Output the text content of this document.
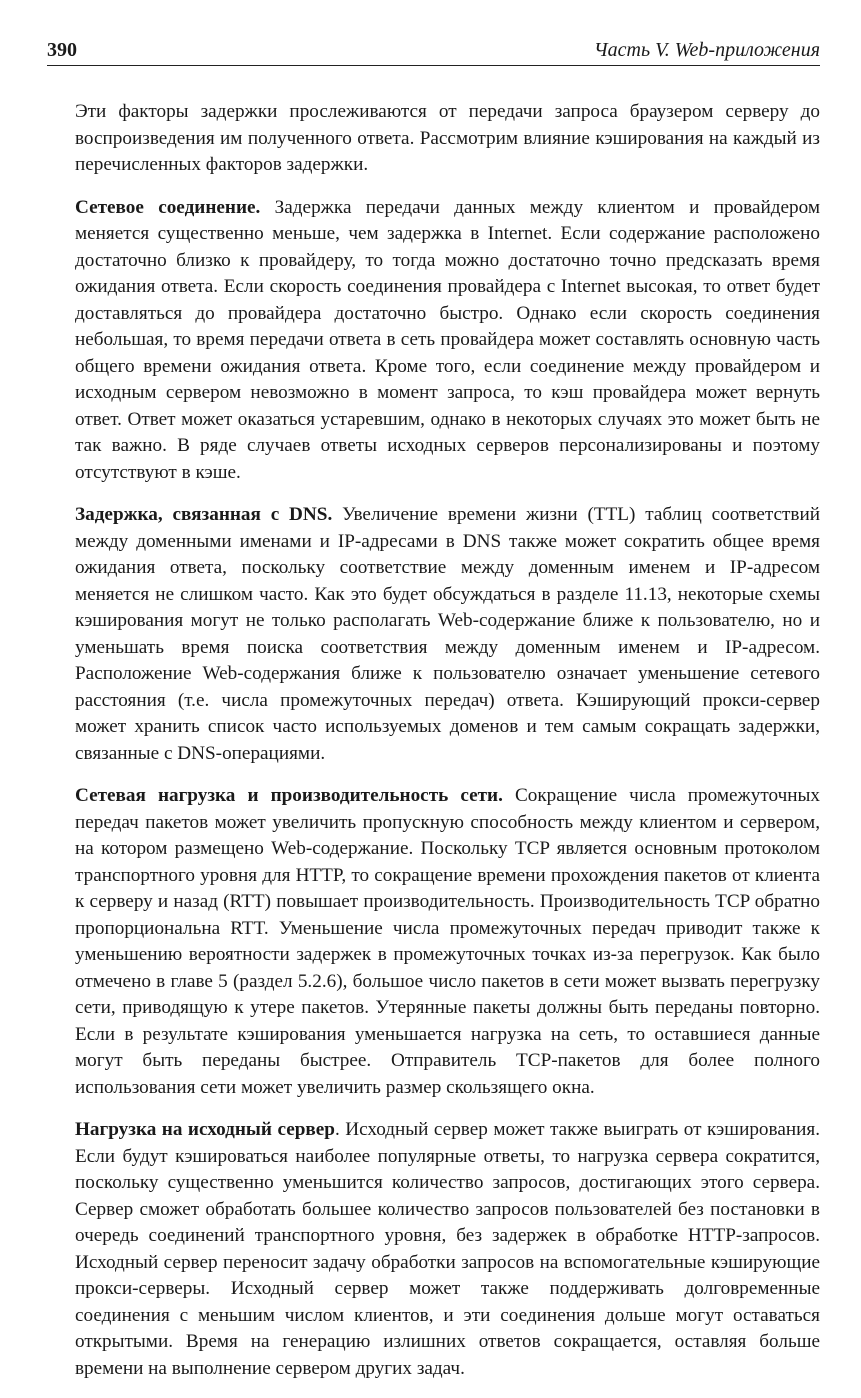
390	Часть V. Web-приложения

Эти факторы задержки прослеживаются от передачи запроса браузером серверу до воспроизведения им полученного ответа. Рассмотрим влияние кэширования на каждый из перечисленных факторов задержки.

Сетевое соединение. Задержка передачи данных между клиентом и провайдером меняется существенно меньше, чем задержка в Internet. Если содержание расположено достаточно близко к провайдеру, то тогда можно достаточно точно предсказать время ожидания ответа. Если скорость соединения провайдера с Internet высокая, то ответ будет доставляться до провайдера достаточно быстро. Однако если скорость соединения небольшая, то время передачи ответа в сеть провайдера может составлять основную часть общего времени ожидания ответа. Кроме того, если соединение между провайдером и исходным сервером невозможно в момент запроса, то кэш провайдера может вернуть ответ. Ответ может оказаться устаревшим, однако в некоторых случаях это может быть не так важно. В ряде случаев ответы исходных серверов персонализированы и поэтому отсутствуют в кэше.

Задержка, связанная с DNS. Увеличение времени жизни (TTL) таблиц соответствий между доменными именами и IP-адресами в DNS также может сократить общее время ожидания ответа, поскольку соответствие между доменным именем и IP-адресом меняется не слишком часто. Как это будет обсуждаться в разделе 11.13, некоторые схемы кэширования могут не только располагать Web-содержание ближе к пользователю, но и уменьшать время поиска соответствия между доменным именем и IP-адресом. Расположение Web-содержания ближе к пользователю означает уменьшение сетевого расстояния (т.е. числа промежуточных передач) ответа. Кэширующий прокси-сервер может хранить список часто используемых доменов и тем самым сокращать задержки, связанные с DNS-операциями.

Сетевая нагрузка и производительность сети. Сокращение числа промежуточных передач пакетов может увеличить пропускную способность между клиентом и сервером, на котором размещено Web-содержание. Поскольку TCP является основным протоколом транспортного уровня для HTTP, то сокращение времени прохождения пакетов от клиента к серверу и назад (RTT) повышает производительность. Производительность TCP обратно пропорциональна RTT. Уменьшение числа промежуточных передач приводит также к уменьшению вероятности задержек в промежуточных точках из-за перегрузок. Как было отмечено в главе 5 (раздел 5.2.6), большое число пакетов в сети может вызвать перегрузку сети, приводящую к утере пакетов. Утерянные пакеты должны быть переданы повторно. Если в результате кэширования уменьшается нагрузка на сеть, то оставшиеся данные могут быть переданы быстрее. Отправитель TCP-пакетов для более полного использования сети может увеличить размер скользящего окна.

Нагрузка на исходный сервер. Исходный сервер может также выиграть от кэширования. Если будут кэшироваться наиболее популярные ответы, то нагрузка сервера сократится, поскольку существенно уменьшится количество запросов, достигающих этого сервера. Сервер сможет обработать большее количество запросов пользователей без постановки в очередь соединений транспортного уровня, без задержек в обработке HTTP-запросов. Исходный сервер переносит задачу обработки запросов на вспомогательные кэширующие прокси-серверы. Исходный сервер может также поддерживать долговременные соединения с меньшим числом клиентов, и эти соединения дольше могут оставаться открытыми. Время на генерацию излишних ответов сокращается, оставляя больше времени на выполнение сервером других задач.
